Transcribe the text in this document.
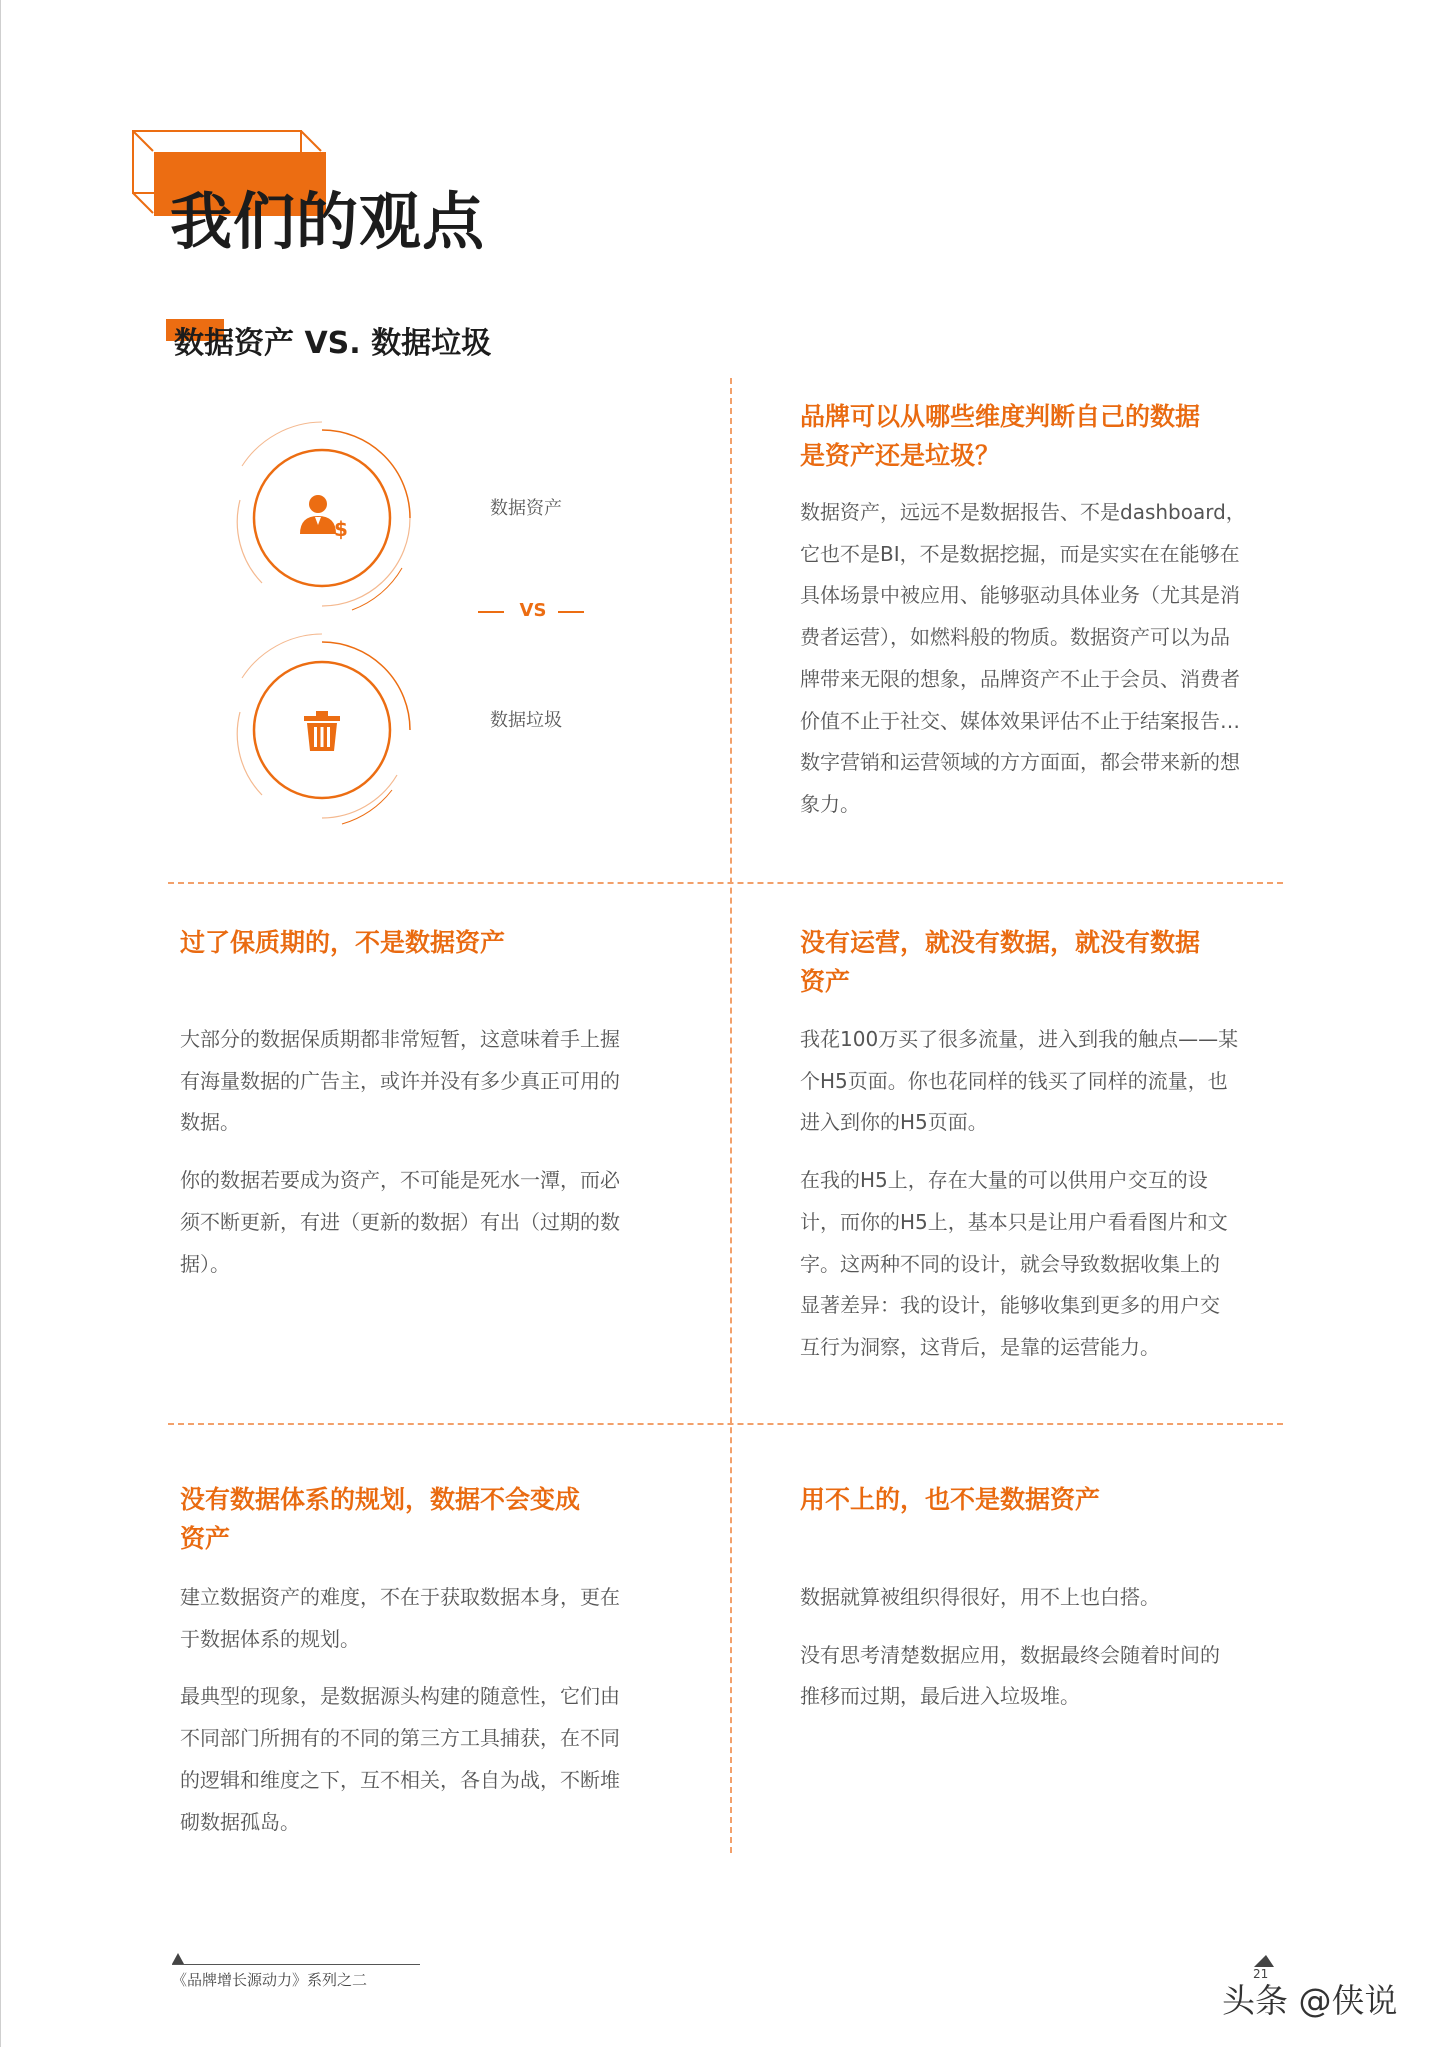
我们的观点
数据资产 VS. 数据垃圾
$
数据资产
VS
数据垃圾
品牌可以从哪些维度判断自己的数据
是资产还是垃圾？

数据资产，远远不是数据报告、不是dashboard，
它也不是BI，不是数据挖掘，而是实实在在能够在
具体场景中被应用、能够驱动具体业务（尤其是消
费者运营），如燃料般的物质。数据资产可以为品
牌带来无限的想象，品牌资产不止于会员、消费者
价值不止于社交、媒体效果评估不止于结案报告…
数字营销和运营领域的方方面面，都会带来新的想
象力。

过了保质期的，不是数据资产

大部分的数据保质期都非常短暂，这意味着手上握
有海量数据的广告主，或许并没有多少真正可用的
数据。

你的数据若要成为资产，不可能是死水一潭，而必
须不断更新，有进（更新的数据）有出（过期的数
据）。

没有运营，就没有数据，就没有数据
资产

我花100万买了很多流量，进入到我的触点——某
个H5页面。你也花同样的钱买了同样的流量，也
进入到你的H5页面。

在我的H5上，存在大量的可以供用户交互的设
计，而你的H5上，基本只是让用户看看图片和文
字。这两种不同的设计，就会导致数据收集上的
显著差异：我的设计，能够收集到更多的用户交
互行为洞察，这背后，是靠的运营能力。

没有数据体系的规划，数据不会变成
资产

建立数据资产的难度，不在于获取数据本身，更在
于数据体系的规划。

最典型的现象，是数据源头构建的随意性，它们由
不同部门所拥有的不同的第三方工具捕获，在不同
的逻辑和维度之下，互不相关，各自为战，不断堆
砌数据孤岛。

用不上的，也不是数据资产

数据就算被组织得很好，用不上也白搭。

没有思考清楚数据应用，数据最终会随着时间的
推移而过期，最后进入垃圾堆。

《品牌增长源动力》系列之二	21
头条 @侠说
